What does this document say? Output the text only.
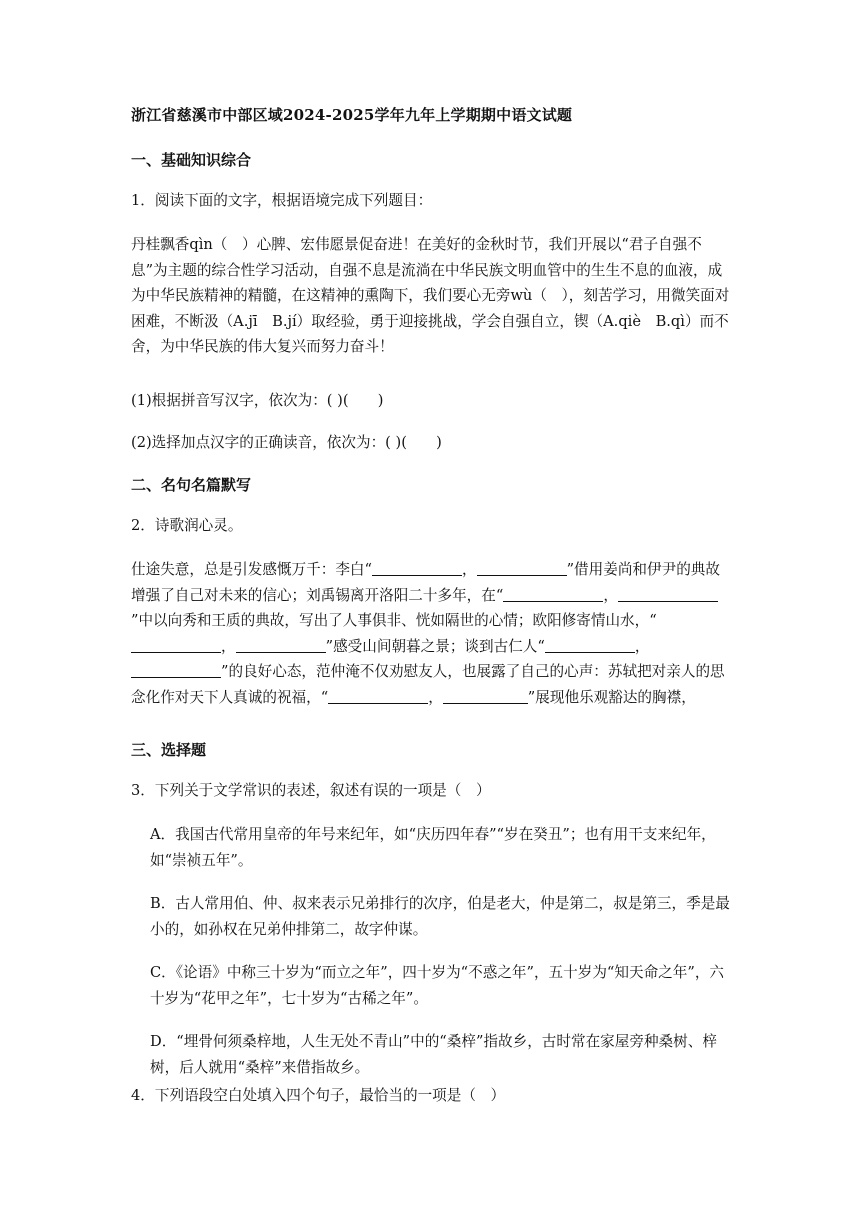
浙江省慈溪市中部区域2024-2025学年九年上学期期中语文试题
一、基础知识综合
1．阅读下面的文字，根据语境完成下列题目：
丹桂飘香qìn（　）心脾、宏伟愿景促奋进！在美好的金秋时节，我们开展以“君子自强不息”为主题的综合性学习活动，自强不息是流淌在中华民族文明血管中的生生不息的血液，成为中华民族精神的精髓，在这精神的熏陶下，我们要心无旁wù（　），刻苦学习，用微笑面对困难，不断汲（A.jī　B.jí）取经验，勇于迎接挑战，学会自强自立，锲（A.qiè　B.qì）而不舍，为中华民族的伟大复兴而努力奋斗！
(1)根据拼音写汉字，依次为：( )(　　)
(2)选择加点汉字的正确读音，依次为：( )(　　)
二、名句名篇默写
2．诗歌润心灵。
仕途失意，总是引发感慨万千：李白“	，	”借用姜尚和伊尹的典故增强了自己对未来的信心；刘禹锡离开洛阳二十多年，在“	，”中以向秀和王质的典故，写出了人事俱非、恍如隔世的心情；欧阳修寄情山水，“，	”感受山间朝暮之景；谈到古仁人“	，”的良好心态，范仲淹不仅劝慰友人，也展露了自己的心声：苏轼把对亲人的思念化作对天下人真诚的祝福，“	，	”展现他乐观豁达的胸襟，
三、选择题
3．下列关于文学常识的表述，叙述有误的一项是（　）
A．我国古代常用皇帝的年号来纪年，如“庆历四年春”“岁在癸丑”；也有用干支来纪年，如“崇祯五年”。
B．古人常用伯、仲、叔来表示兄弟排行的次序，伯是老大，仲是第二，叔是第三，季是最小的，如孙权在兄弟仲排第二，故字仲谋。
C．《论语》中称三十岁为“而立之年”，四十岁为“不惑之年”，五十岁为“知天命之年”，六十岁为“花甲之年”，七十岁为“古稀之年”。
D．“埋骨何须桑梓地，人生无处不青山”中的“桑梓”指故乡，古时常在家屋旁种桑树、梓树，后人就用“桑梓”来借指故乡。
4．下列语段空白处填入四个句子，最恰当的一项是（　）
